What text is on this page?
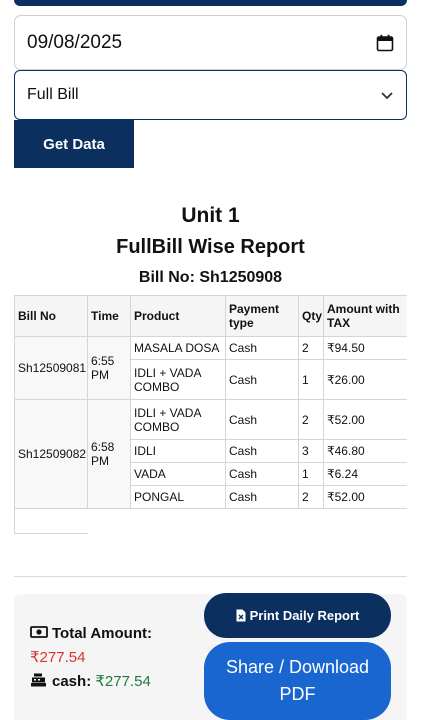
09/08/2025
Full Bill
Get Data
Unit 1
FullBill Wise Report
Bill No: Sh1250908
Bill No	Time	Product	Payment type	Qty	Amount with TAX
Sh12509081	6:55 PM	MASALA DOSA	Cash	2	₹94.50
		IDLI + VADA COMBO	Cash	1	₹26.00
Sh12509082	6:58 PM	IDLI + VADA COMBO	Cash	2	₹52.00
		IDLI	Cash	3	₹46.80
		VADA	Cash	1	₹6.24
		PONGAL	Cash	2	₹52.00

Total Amount:
₹277.54
cash: ₹277.54
Print Daily Report
Share / Download PDF
